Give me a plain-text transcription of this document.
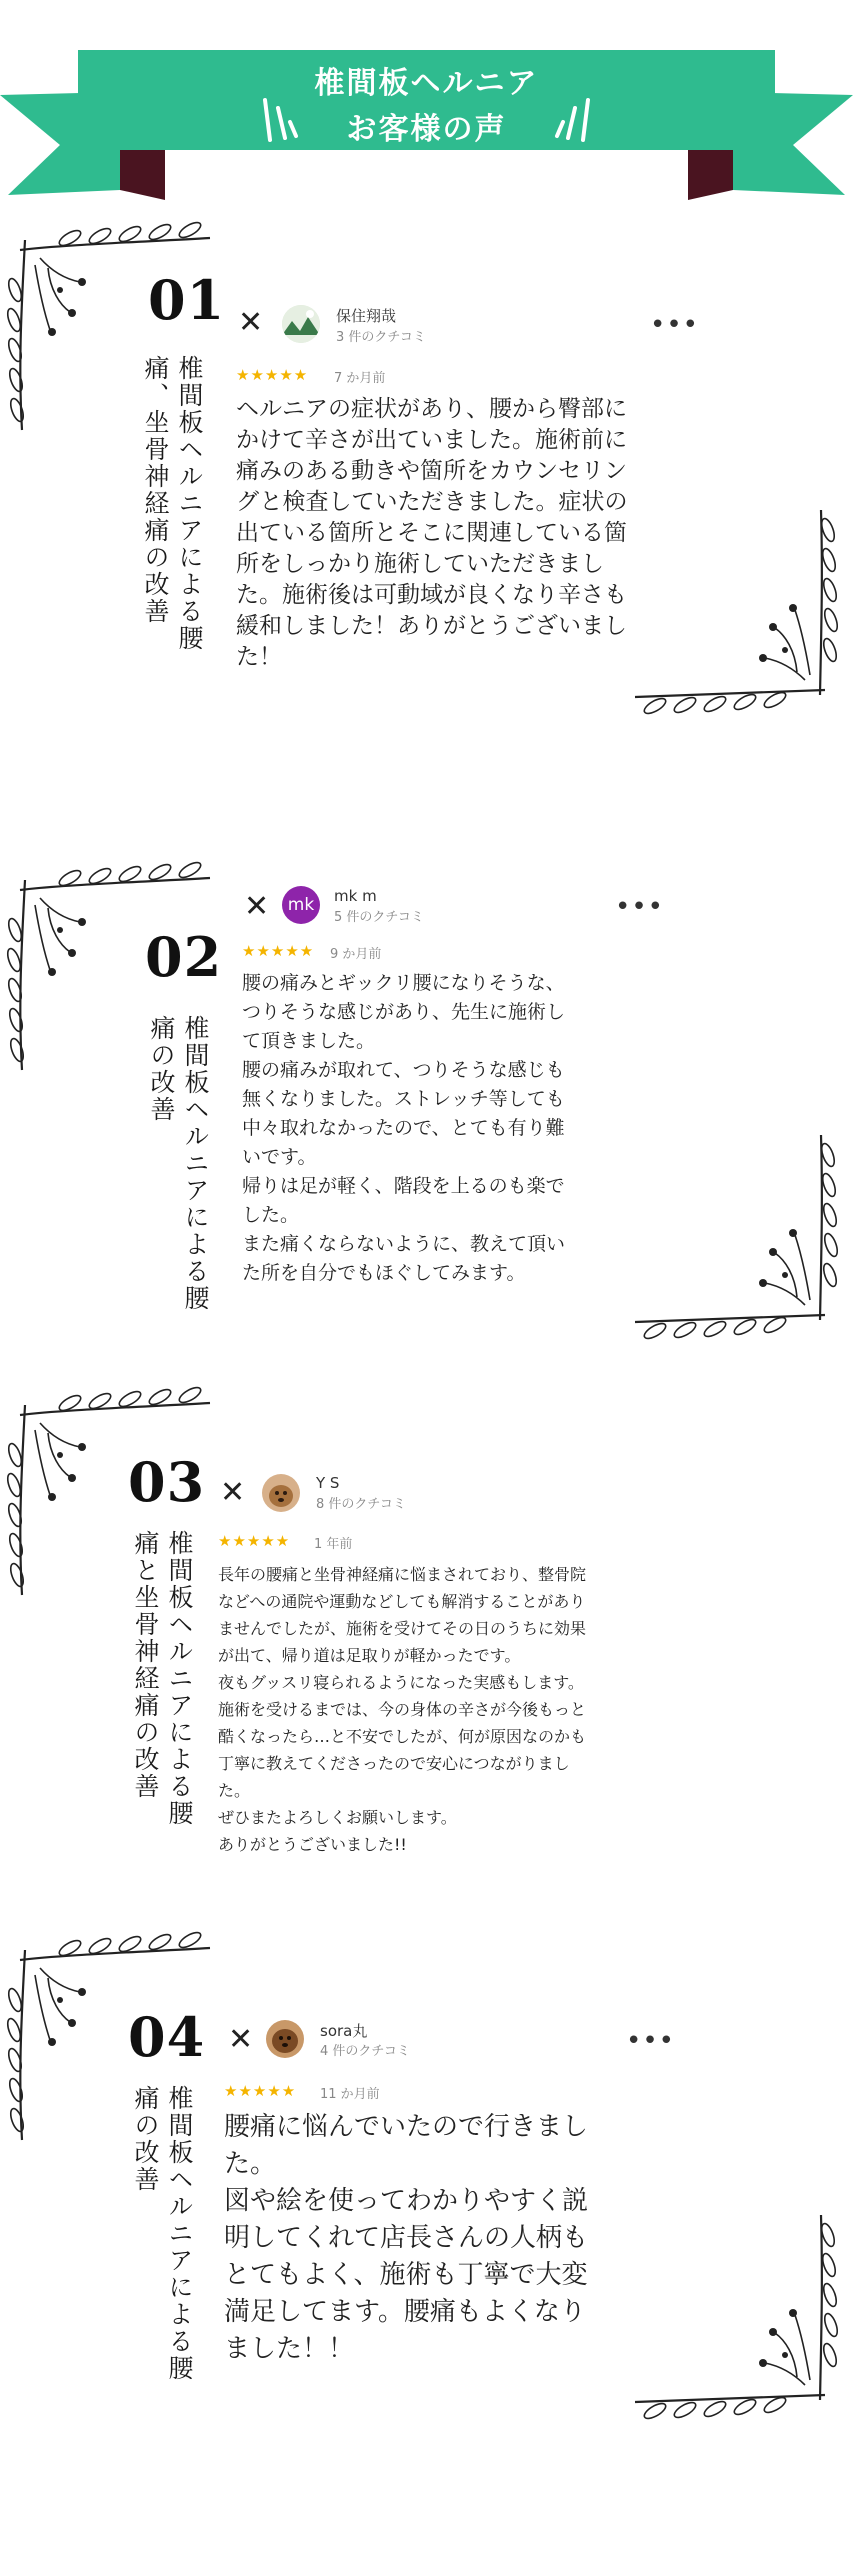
椎間板ヘルニア
お客様の声
01
椎間板ヘルニアによる腰痛、坐骨神経痛の改善
✕	保住翔哉
3 件のクチコミ	•••
★★★★★ 7 か月前

ヘルニアの症状があり、腰から臀部に

かけて辛さが出ていました。施術前に

痛みのある動きや箇所をカウンセリン

グと検査していただきました。症状の

出ている箇所とそこに関連している箇

所をしっかり施術していただきまし

た。施術後は可動域が良くなり辛さも

緩和しました！ありがとうございまし

た！

02
椎間板ヘルニアによる腰痛の改善
✕	mk	mk m
5 件のクチコミ	•••
★★★★★ 9 か月前

腰の痛みとギックリ腰になりそうな、

つりそうな感じがあり、先生に施術し

て頂きました。

腰の痛みが取れて、つりそうな感じも

無くなりました。ストレッチ等しても

中々取れなかったので、とても有り難

いです。

帰りは足が軽く、階段を上るのも楽で

した。

また痛くならないように、教えて頂い

た所を自分でもほぐしてみます。

03
椎間板ヘルニアによる腰痛と坐骨神経痛の改善
✕	Y S
8 件のクチコミ
★★★★★ 1 年前

長年の腰痛と坐骨神経痛に悩まされており、整骨院

などへの通院や運動などしても解消することがあり

ませんでしたが、施術を受けてその日のうちに効果

が出て、帰り道は足取りが軽かったです。

夜もグッスリ寝られるようになった実感もします。

施術を受けるまでは、今の身体の辛さが今後もっと

酷くなったら…と不安でしたが、何が原因なのかも

丁寧に教えてくださったので安心につながりまし

た。

ぜひまたよろしくお願いします。

ありがとうございました!!

04
椎間板ヘルニアによる腰痛の改善
✕	sora丸
4 件のクチコミ	•••
★★★★★ 11 か月前

腰痛に悩んでいたので行きまし

た。

図や絵を使ってわかりやすく説

明してくれて店長さんの人柄も

とてもよく、施術も丁寧で大変

満足してます。腰痛もよくなり

ました！！
